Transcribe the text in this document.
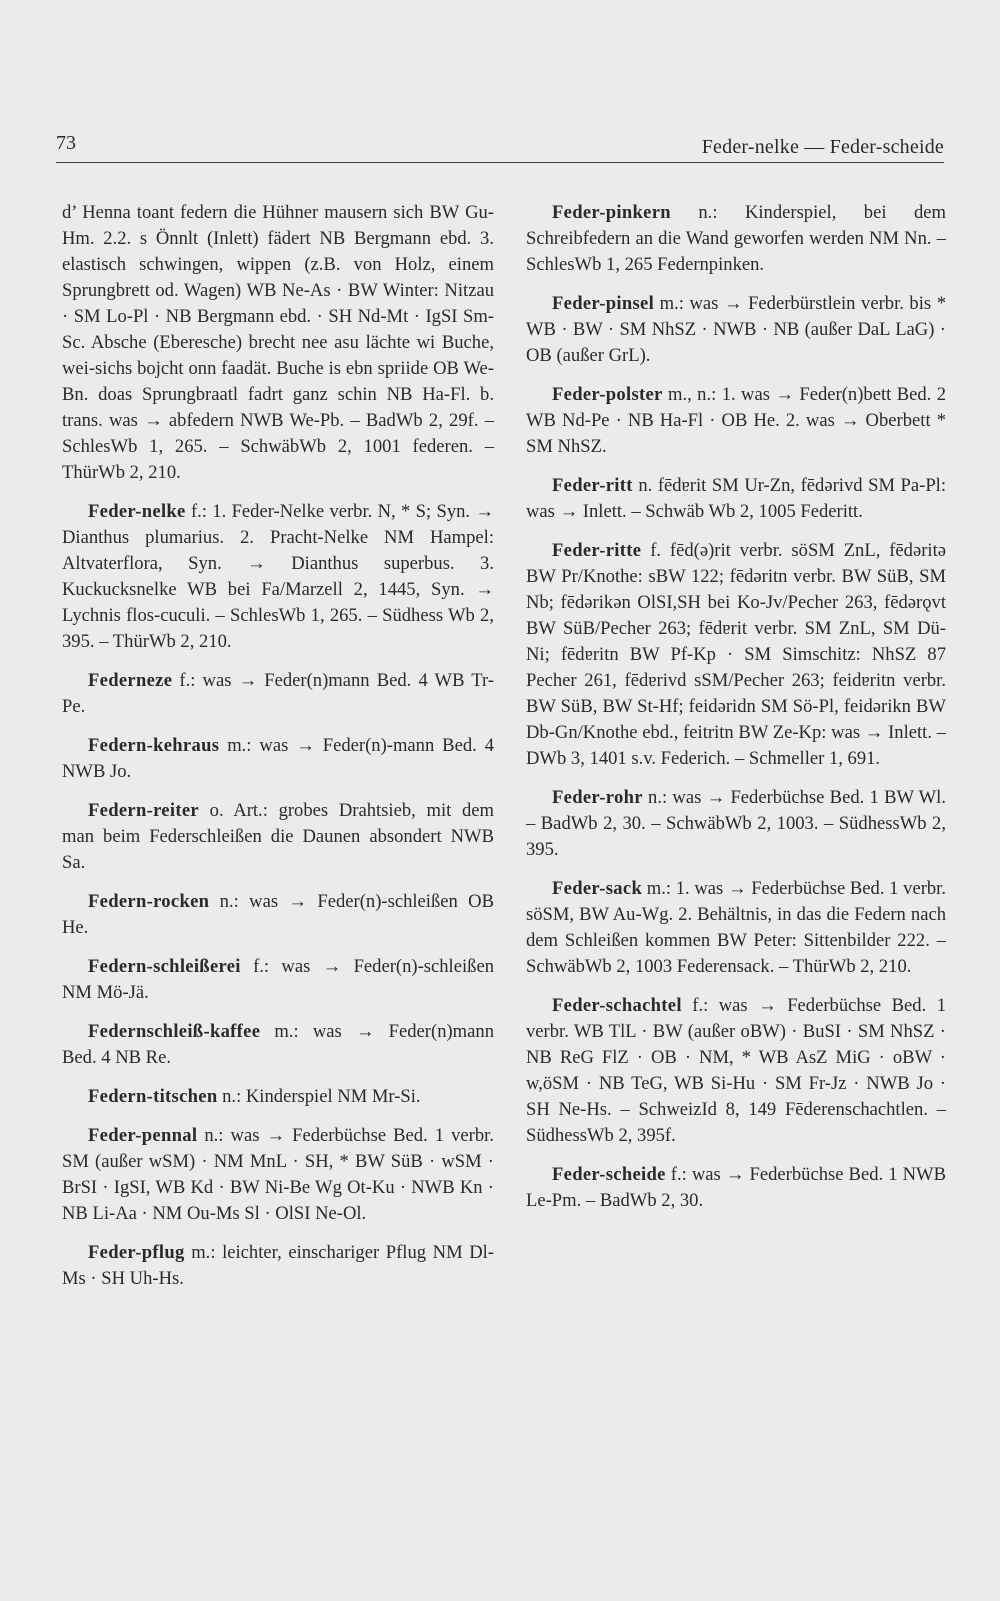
73	Feder-nelke — Feder-scheide

d’ Henna toant federn die Hühner mausern sich BW Gu-Hm. 2.2. s Önnlt (Inlett) fädert NB Bergmann ebd. 3. elastisch schwingen, wippen (z.B. von Holz, einem Sprungbrett od. Wagen) WB Ne-As · BW Winter: Nitzau · SM Lo-Pl · NB Bergmann ebd. · SH Nd-Mt · IgSI Sm-Sc. Absche (Eberesche) brecht nee asu lächte wi Buche, wei-sichs bojcht onn faadät. Buche is ebn spriide OB We-Bn. doas Sprungbraatl fadrt ganz schin NB Ha-Fl. b. trans. was → abfedern NWB We-Pb. – BadWb 2, 29f. – SchlesWb 1, 265. – SchwäbWb 2, 1001 federen. – ThürWb 2, 210.

Feder-nelke f.: 1. Feder-Nelke verbr. N, * S; Syn. → Dianthus plumarius. 2. Pracht-Nelke NM Hampel: Altvaterflora, Syn. → Dianthus superbus. 3. Kuckucksnelke WB bei Fa/Marzell 2, 1445, Syn. → Lychnis flos-cuculi. – SchlesWb 1, 265. – Südhess Wb 2, 395. – ThürWb 2, 210.

Federneze f.: was → Feder(n)mann Bed. 4 WB Tr-Pe.

Federn-kehraus m.: was → Feder(n)-mann Bed. 4 NWB Jo.

Federn-reiter o. Art.: grobes Drahtsieb, mit dem man beim Federschleißen die Daunen absondert NWB Sa.

Federn-rocken n.: was → Feder(n)-schleißen OB He.

Federn-schleißerei f.: was → Feder(n)-schleißen NM Mö-Jä.

Federnschleiß-kaffee m.: was → Feder(n)mann Bed. 4 NB Re.

Federn-titschen n.: Kinderspiel NM Mr-Si.

Feder-pennal n.: was → Federbüchse Bed. 1 verbr. SM (außer wSM) · NM MnL · SH, * BW SüB · wSM · BrSI · IgSI, WB Kd · BW Ni-Be Wg Ot-Ku · NWB Kn · NB Li-Aa · NM Ou-Ms Sl · OlSI Ne-Ol.

Feder-pflug m.: leichter, einschariger Pflug NM Dl-Ms · SH Uh-Hs.

Feder-pinkern n.: Kinderspiel, bei dem Schreibfedern an die Wand geworfen werden NM Nn. – SchlesWb 1, 265 Federnpinken.

Feder-pinsel m.: was → Federbürstlein verbr. bis * WB · BW · SM NhSZ · NWB · NB (außer DaL LaG) · OB (außer GrL).

Feder-polster m., n.: 1. was → Feder(n)bett Bed. 2 WB Nd-Pe · NB Ha-Fl · OB He. 2. was → Oberbett * SM NhSZ.

Feder-ritt n. fēdɐrit SM Ur-Zn, fēdərivd SM Pa-Pl: was → Inlett. – Schwäb Wb 2, 1005 Federitt.

Feder-ritte f. fēd(ə)rit verbr. söSM ZnL, fēdəritə BW Pr/Knothe: sBW 122; fēdəritn verbr. BW SüB, SM Nb; fēdərikən OlSI,SH bei Ko-Jv/Pecher 263, fēdərǫvt BW SüB/Pecher 263; fēdɐrit verbr. SM ZnL, SM Dü-Ni; fēdɐritn BW Pf-Kp · SM Simschitz: NhSZ 87 Pecher 261, fēdɐrivd sSM/Pecher 263; feidɐritn verbr. BW SüB, BW St-Hf; feidəridn SM Sö-Pl, feidərikn BW Db-Gn/Knothe ebd., feitritn BW Ze-Kp: was → Inlett. – DWb 3, 1401 s.v. Federich. – Schmeller 1, 691.

Feder-rohr n.: was → Federbüchse Bed. 1 BW Wl. – BadWb 2, 30. – SchwäbWb 2, 1003. – SüdhessWb 2, 395.

Feder-sack m.: 1. was → Federbüchse Bed. 1 verbr. söSM, BW Au-Wg. 2. Behältnis, in das die Federn nach dem Schleißen kommen BW Peter: Sittenbilder 222. – SchwäbWb 2, 1003 Federensack. – ThürWb 2, 210.

Feder-schachtel f.: was → Federbüchse Bed. 1 verbr. WB TlL · BW (außer oBW) · BuSI · SM NhSZ · NB ReG FlZ · OB · NM, * WB AsZ MiG · oBW · w,öSM · NB TeG, WB Si-Hu · SM Fr-Jz · NWB Jo · SH Ne-Hs. – SchweizId 8, 149 Fēderenschachtlen. – SüdhessWb 2, 395f.

Feder-scheide f.: was → Federbüchse Bed. 1 NWB Le-Pm. – BadWb 2, 30.
